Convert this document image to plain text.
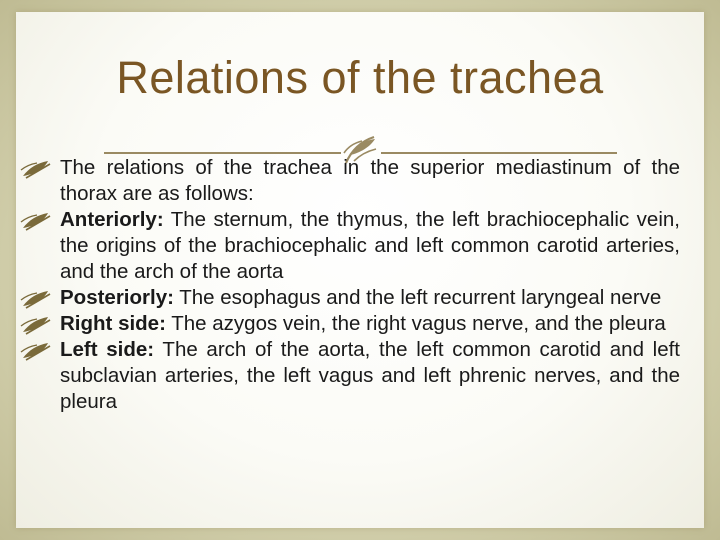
Relations of the trachea
The relations of the trachea in the superior mediastinum of the thorax are as follows:
Anteriorly: The sternum, the thymus, the left brachiocephalic vein, the origins of the brachiocephalic and left common carotid arteries, and the arch of the aorta
Posteriorly: The esophagus and the left recurrent laryngeal nerve
Right side: The azygos vein, the right vagus nerve, and the pleura
Left side: The arch of the aorta, the left common carotid and left subclavian arteries, the left vagus and left phrenic nerves, and the pleura
